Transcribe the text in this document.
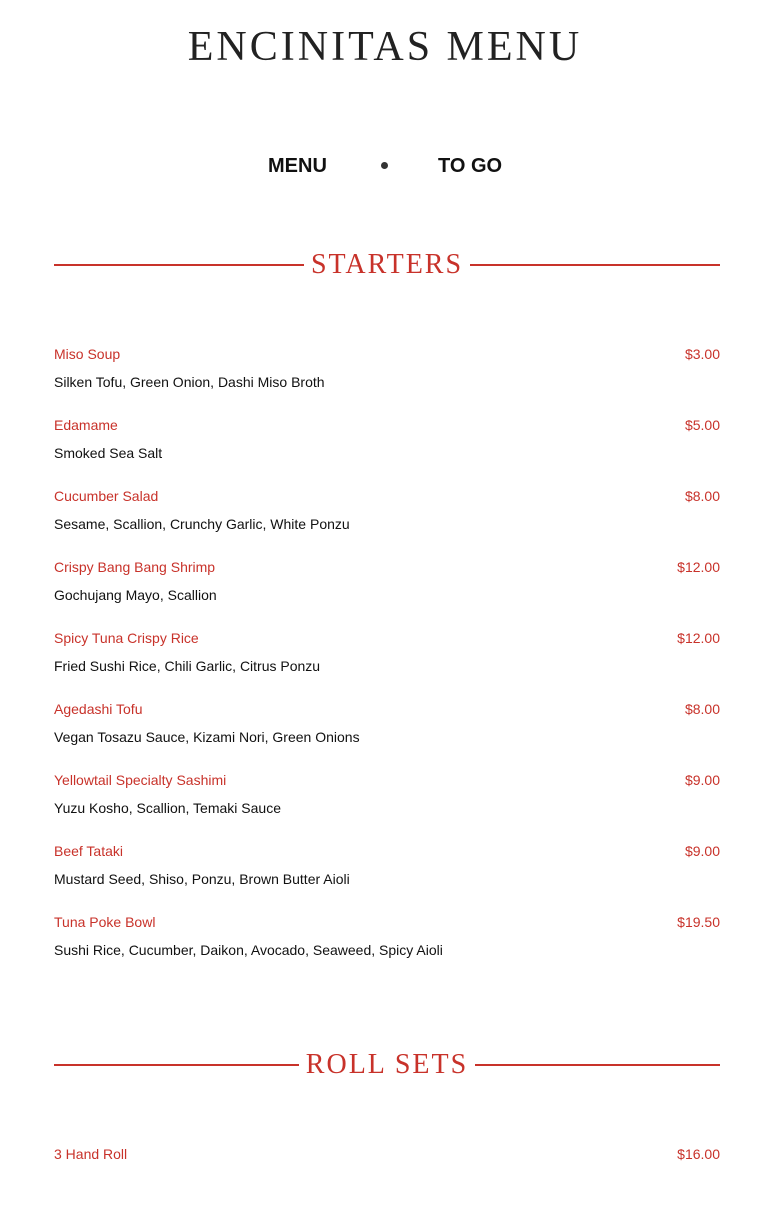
ENCINITAS MENU
MENU	TO GO
STARTERS
Miso Soup	$3.00
Silken Tofu, Green Onion, Dashi Miso Broth
Edamame	$5.00
Smoked Sea Salt
Cucumber Salad	$8.00
Sesame, Scallion, Crunchy Garlic, White Ponzu
Crispy Bang Bang Shrimp	$12.00
Gochujang Mayo, Scallion
Spicy Tuna Crispy Rice	$12.00
Fried Sushi Rice, Chili Garlic, Citrus Ponzu
Agedashi Tofu	$8.00
Vegan Tosazu Sauce, Kizami Nori, Green Onions
Yellowtail Specialty Sashimi	$9.00
Yuzu Kosho, Scallion, Temaki Sauce
Beef Tataki	$9.00
Mustard Seed, Shiso, Ponzu, Brown Butter Aioli
Tuna Poke Bowl	$19.50
Sushi Rice, Cucumber, Daikon, Avocado, Seaweed, Spicy Aioli
ROLL SETS
3 Hand Roll	$16.00
